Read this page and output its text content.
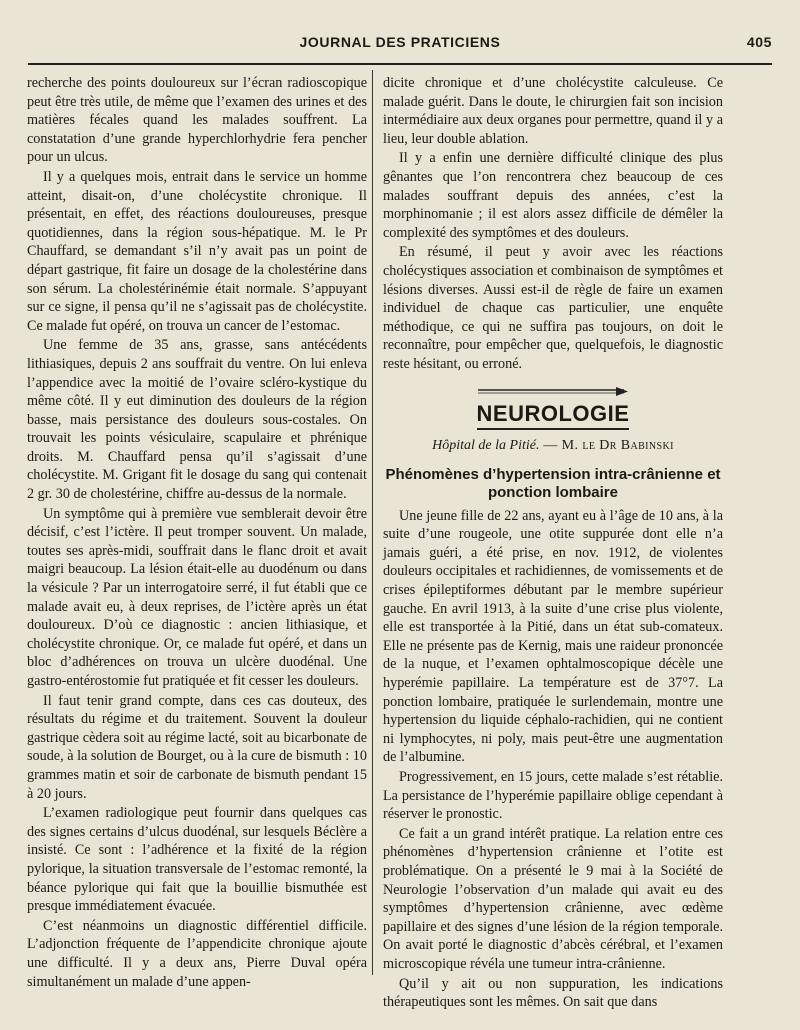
JOURNAL DES PRATICIENS	405

recherche des points douloureux sur l’écran radioscopique peut être très utile, de même que l’examen des urines et des matières fécales quand les malades souffrent. La constatation d’une grande hyperchlorhydrie fera pencher pour un ulcus.

Il y a quelques mois, entrait dans le service un homme atteint, disait-on, d’une cholécystite chronique. Il présentait, en effet, des réactions douloureuses, presque quotidiennes, dans la région sous-hépatique. M. le Pr Chauffard, se demandant s’il n’y avait pas un point de départ gastrique, fit faire un dosage de la cholestérine dans son sérum. La cholestérinémie était normale. S’appuyant sur ce signe, il pensa qu’il ne s’agissait pas de cholécystite. Ce malade fut opéré, on trouva un cancer de l’estomac.

Une femme de 35 ans, grasse, sans antécédents lithiasiques, depuis 2 ans souffrait du ventre. On lui enleva l’appendice avec la moitié de l’ovaire scléro-kystique du même côté. Il y eut diminution des douleurs de la région basse, mais persistance des douleurs sous-costales. On trouvait les points vésiculaire, scapulaire et phrénique droits. M. Chauffard pensa qu’il s’agissait d’une cholécystite. M. Grigant fit le dosage du sang qui contenait 2 gr. 30 de cholestérine, chiffre au-dessus de la normale.

Un symptôme qui à première vue semblerait devoir être décisif, c’est l’ictère. Il peut tromper souvent. Un malade, toutes ses après-midi, souffrait dans le flanc droit et avait maigri beaucoup. La lésion était-elle au duodénum ou dans la vésicule ? Par un interrogatoire serré, il fut établi que ce malade avait eu, à deux reprises, de l’ictère après un état douloureux. D’où ce diagnostic : ancien lithiasique, et cholécystite chronique. Or, ce malade fut opéré, et dans un bloc d’adhérences on trouva un ulcère duodénal. Une gastro-entérostomie fut pratiquée et fit cesser les douleurs.

Il faut tenir grand compte, dans ces cas douteux, des résultats du régime et du traitement. Souvent la douleur gastrique cèdera soit au régime lacté, soit au bicarbonate de soude, à la solution de Bourget, ou à la cure de bismuth : 10 grammes matin et soir de carbonate de bismuth pendant 15 à 20 jours.

L’examen radiologique peut fournir dans quelques cas des signes certains d’ulcus duodénal, sur lesquels Béclère a insisté. Ce sont : l’adhérence et la fixité de la région pylorique, la situation transversale de l’estomac remonté, la béance pylorique qui fait que la bouillie bismuthée est presque immédiatement évacuée.

C’est néanmoins un diagnostic différentiel difficile. L’adjonction fréquente de l’appendicite chronique ajoute une difficulté. Il y a deux ans, Pierre Duval opéra simultanément un malade d’une appen-

dicite chronique et d’une cholécystite calculeuse. Ce malade guérit. Dans le doute, le chirurgien fait son incision intermédiaire aux deux organes pour permettre, quand il y a lieu, leur double ablation.

Il y a enfin une dernière difficulté clinique des plus gênantes que l’on rencontrera chez beaucoup de ces malades souffrant depuis des années, c’est la morphinomanie ; il est alors assez difficile de démêler la complexité des symptômes et des douleurs.

En résumé, il peut y avoir avec les réactions cholécystiques association et combinaison de symptômes et lésions diverses. Aussi est-il de règle de faire un examen individuel de chaque cas particulier, une enquête méthodique, ce qui ne suffira pas toujours, on doit le reconnaître, pour empêcher que, quelquefois, le diagnostic reste hésitant, ou erroné.

NEUROLOGIE
Hôpital de la Pitié. — M. le Dr Babinski
Phénomènes d’hypertension intra-crânienne et ponction lombaire

Une jeune fille de 22 ans, ayant eu à l’âge de 10 ans, à la suite d’une rougeole, une otite suppurée dont elle n’a jamais guéri, a été prise, en nov. 1912, de violentes douleurs occipitales et rachidiennes, de vomissements et de crises épileptiformes débutant par le membre supérieur gauche. En avril 1913, à la suite d’une crise plus violente, elle est transportée à la Pitié, dans un état sub-comateux. Elle ne présente pas de Kernig, mais une raideur prononcée de la nuque, et l’examen ophtalmoscopique décèle une hyperémie papillaire. La température est de 37°7. La ponction lombaire, pratiquée le surlendemain, montre une hypertension du liquide céphalo-rachidien, qui ne contient ni lymphocytes, ni poly, mais peut-être une augmentation de l’albumine.

Progressivement, en 15 jours, cette malade s’est rétablie. La persistance de l’hyperémie papillaire oblige cependant à réserver le pronostic.

Ce fait a un grand intérêt pratique. La relation entre ces phénomènes d’hypertension crânienne et l’otite est problématique. On a présenté le 9 mai à la Société de Neurologie l’observation d’un malade qui avait eu des symptômes d’hypertension crânienne, avec œdème papillaire et des signes d’une lésion de la région temporale. On avait porté le diagnostic d’abcès cérébral, et l’examen microscopique révéla une tumeur intra-crânienne.

Qu’il y ait ou non suppuration, les indications thérapeutiques sont les mêmes. On sait que dans
